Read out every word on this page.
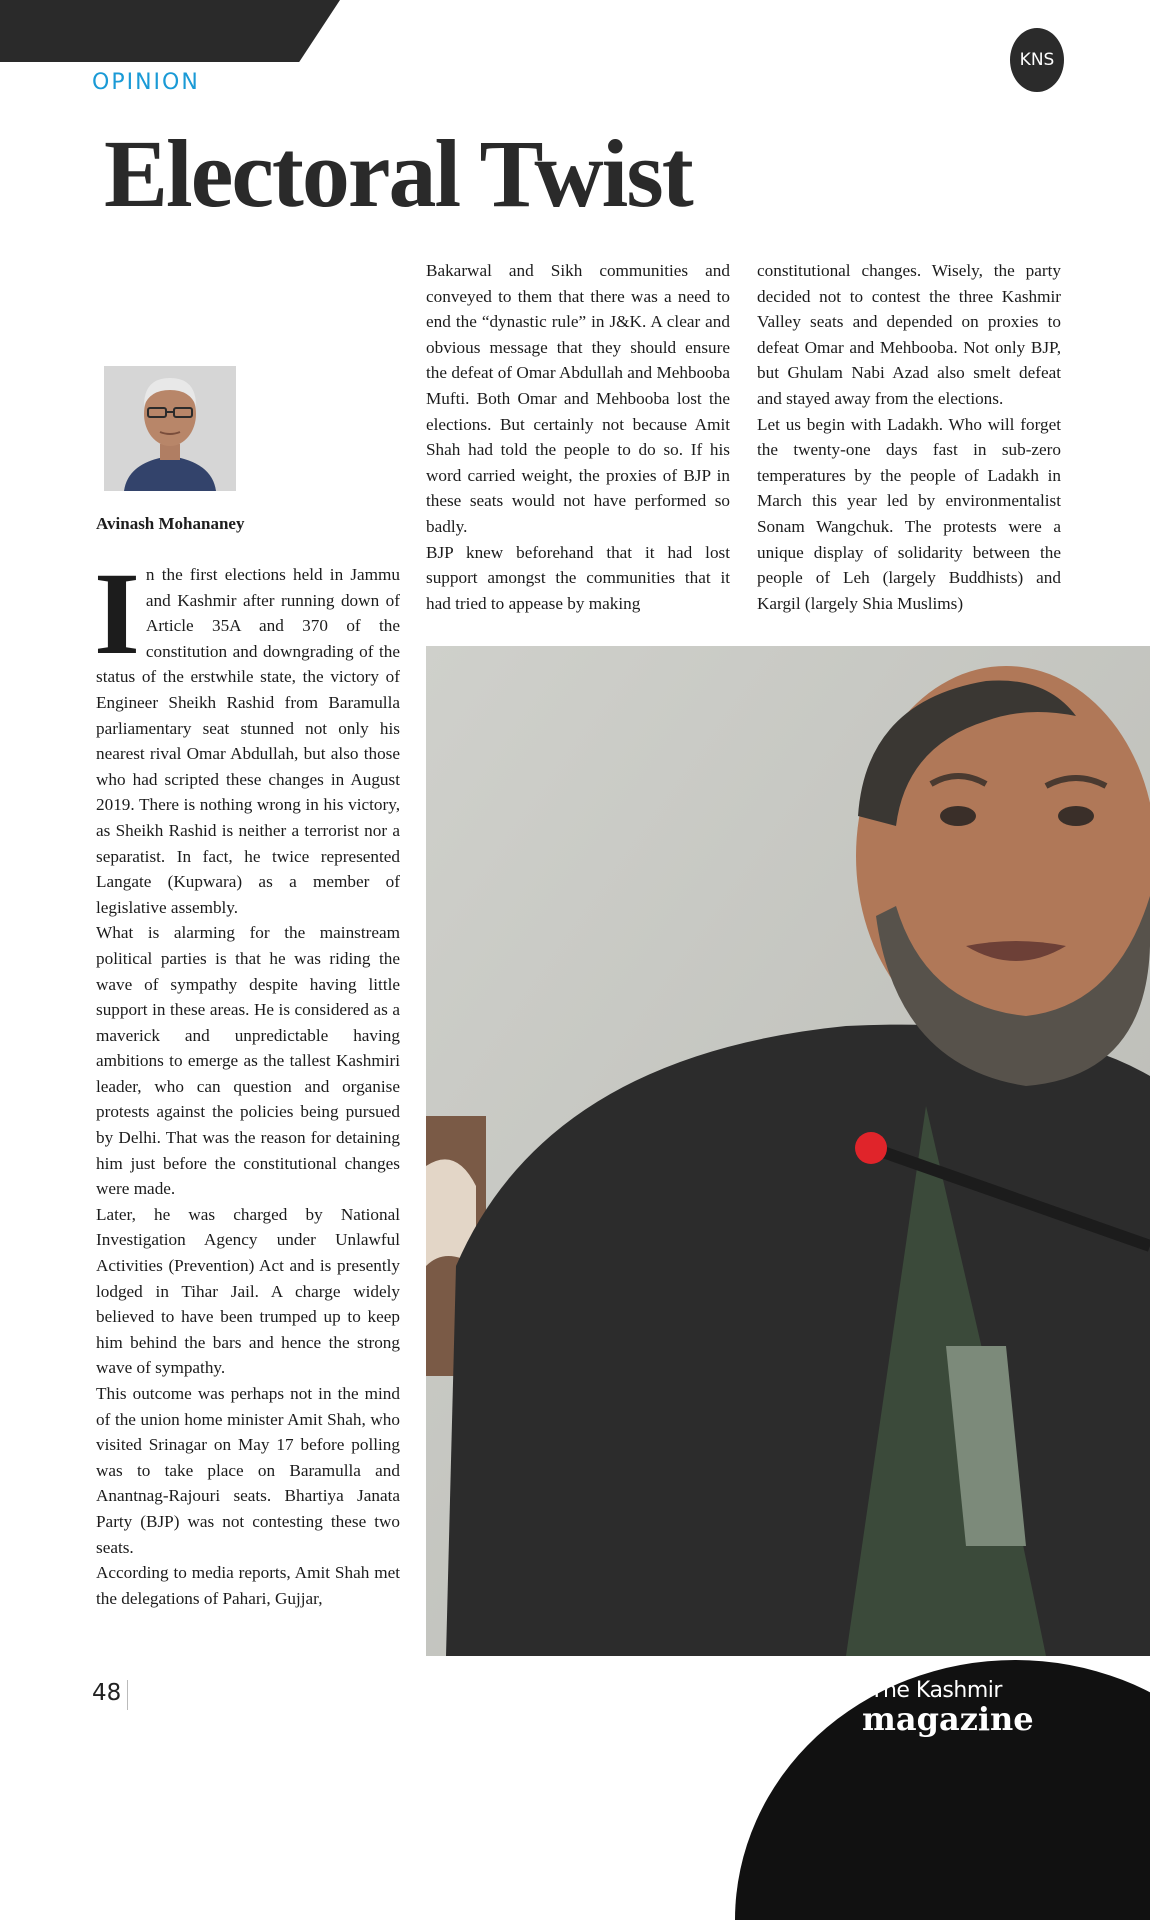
OPINION
KNS
Electoral Twist
Avinash Mohananey
I n the first elections held in Jammu and Kashmir after running down of Article 35A and 370 of the constitution and downgrading of the status of the erstwhile state, the victory of Engineer Sheikh Rashid from Baramulla parliamentary seat stunned not only his nearest rival Omar Abdullah, but also those who had scripted these changes in August 2019. There is nothing wrong in his victory, as Sheikh Rashid is neither a terrorist nor a separatist. In fact, he twice represented Langate (Kupwara) as a member of legislative assembly.

What is alarming for the mainstream political parties is that he was riding the wave of sympathy despite having little support in these areas. He is considered as a maverick and unpredictable having ambitions to emerge as the tallest Kashmiri leader, who can question and organise protests against the policies being pursued by Delhi. That was the reason for detaining him just before the constitutional changes were made.

Later, he was charged by National Investigation Agency under Unlawful Activities (Prevention) Act and is presently lodged in Tihar Jail. A charge widely believed to have been trumped up to keep him behind the bars and hence the strong wave of sympathy.

This outcome was perhaps not in the mind of the union home minister Amit Shah, who visited Srinagar on May 17 before polling was to take place on Baramulla and Anantnag-Rajouri seats. Bhartiya Janata Party (BJP) was not contesting these two seats.

According to media reports, Amit Shah met the delegations of Pahari, Gujjar,

Bakarwal and Sikh communities and conveyed to them that there was a need to end the “dynastic rule” in J&K. A clear and obvious message that they should ensure the defeat of Omar Abdullah and Mehbooba Mufti. Both Omar and Mehbooba lost the elections. But certainly not because Amit Shah had told the people to do so. If his word carried weight, the proxies of BJP in these seats would not have performed so badly.

BJP knew beforehand that it had lost support amongst the communities that it had tried to appease by making

constitutional changes. Wisely, the party decided not to contest the three Kashmir Valley seats and depended on proxies to defeat Omar and Mehbooba. Not only BJP, but Ghulam Nabi Azad also smelt defeat and stayed away from the elections.

Let us begin with Ladakh. Who will forget the twenty-one days fast in sub-zero temperatures by the people of Ladakh in March this year led by environmentalist Sonam Wangchuk. The protests were a unique display of solidarity between the people of Leh (largely Buddhists) and Kargil (largely Shia Muslims)

48	The Kashmir
magazine
